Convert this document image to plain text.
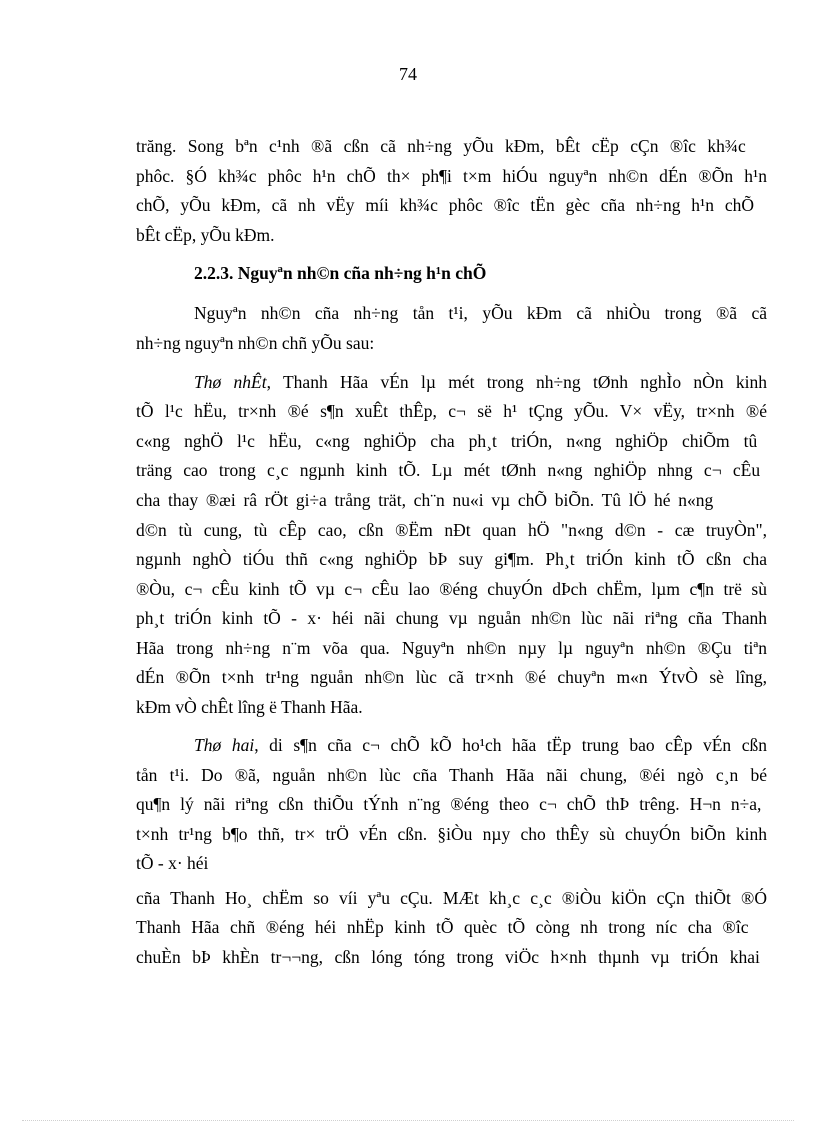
74
trăng. Song bªn c¹nh ®ã cßn cã nh÷ng yÕu kÐm, bÊt cËp cÇn ®îc kh¾c
phôc. §Ó kh¾c phôc h¹n chÕ th× ph¶i t×m hiÓu nguyªn nh©n dÉn ®Õn h¹n
chÕ, yÕu kÐm, cã nh vËy míi kh¾c phôc ®îc tËn gèc cña nh÷ng h¹n chÕ
bÊt cËp, yÕu kÐm.
2.2.3. Nguyªn nh©n cña nh÷ng h¹n chÕ
Nguyªn nh©n cña nh÷ng tån t¹i, yÕu kÐm cã nhiÒu trong ®ã cã
nh÷ng nguyªn nh©n chñ yÕu sau:
Thø nhÊt, Thanh Hãa vÉn lµ mét trong nh÷ng tØnh nghÌo nÒn kinh
tÕ l¹c hËu, tr×nh ®é s¶n xuÊt thÊp, c¬ së h¹ tÇng yÕu. V× vËy, tr×nh ®é
c«ng nghÖ l¹c hËu, c«ng nghiÖp cha ph¸t triÓn, n«ng nghiÖp chiÕm tû
träng cao trong c¸c ngµnh kinh tÕ. Lµ mét tØnh n«ng nghiÖp nhng c¬ cÊu
cha thay ®æi râ rÖt gi÷a trång trät, ch¨n nu«i vµ chÕ biÕn. Tû lÖ hé n«ng
d©n tù cung, tù cÊp cao, cßn ®Ëm nÐt quan hÖ "n«ng d©n - cæ truyÒn",
ngµnh nghÒ tiÓu thñ c«ng nghiÖp bÞ suy gi¶m. Ph¸t triÓn kinh tÕ cßn cha
®Òu, c¬ cÊu kinh tÕ vµ c¬ cÊu lao ®éng chuyÓn dÞch chËm, lµm c¶n trë sù
ph¸t triÓn kinh tÕ - x· héi nãi chung vµ nguån nh©n lùc nãi riªng cña Thanh
Hãa trong nh÷ng n¨m võa qua. Nguyªn nh©n nµy lµ nguyªn nh©n ®Çu tiªn
dÉn ®Õn t×nh tr¹ng nguån nh©n lùc cã tr×nh ®é chuyªn m«n ÝtvÒ sè lîng,
kÐm vÒ chÊt lîng ë Thanh Hãa.
Thø hai, di s¶n cña c¬ chÕ kÕ ho¹ch hãa tËp trung bao cÊp vÉn cßn
tån t¹i. Do ®ã, nguån nh©n lùc cña Thanh Hãa nãi chung, ®éi ngò c¸n bé
qu¶n lý nãi riªng cßn thiÕu tÝnh n¨ng ®éng theo c¬ chÕ thÞ trêng. H¬n n÷a,
t×nh tr¹ng b¶o thñ, tr× trÖ vÉn cßn. §iÒu nµy cho thÊy sù chuyÓn biÕn kinh
tÕ - x· héi
cña Thanh Ho¸ chËm so víi yªu cÇu. MÆt kh¸c c¸c ®iÒu kiÖn cÇn thiÕt ®Ó
Thanh Hãa chñ ®éng héi nhËp kinh tÕ quèc tÕ còng nh trong níc cha ®îc
chuÈn bÞ khÈn tr¬¬ng, cßn lóng tóng trong viÖc h×nh thµnh vµ triÓn khai
